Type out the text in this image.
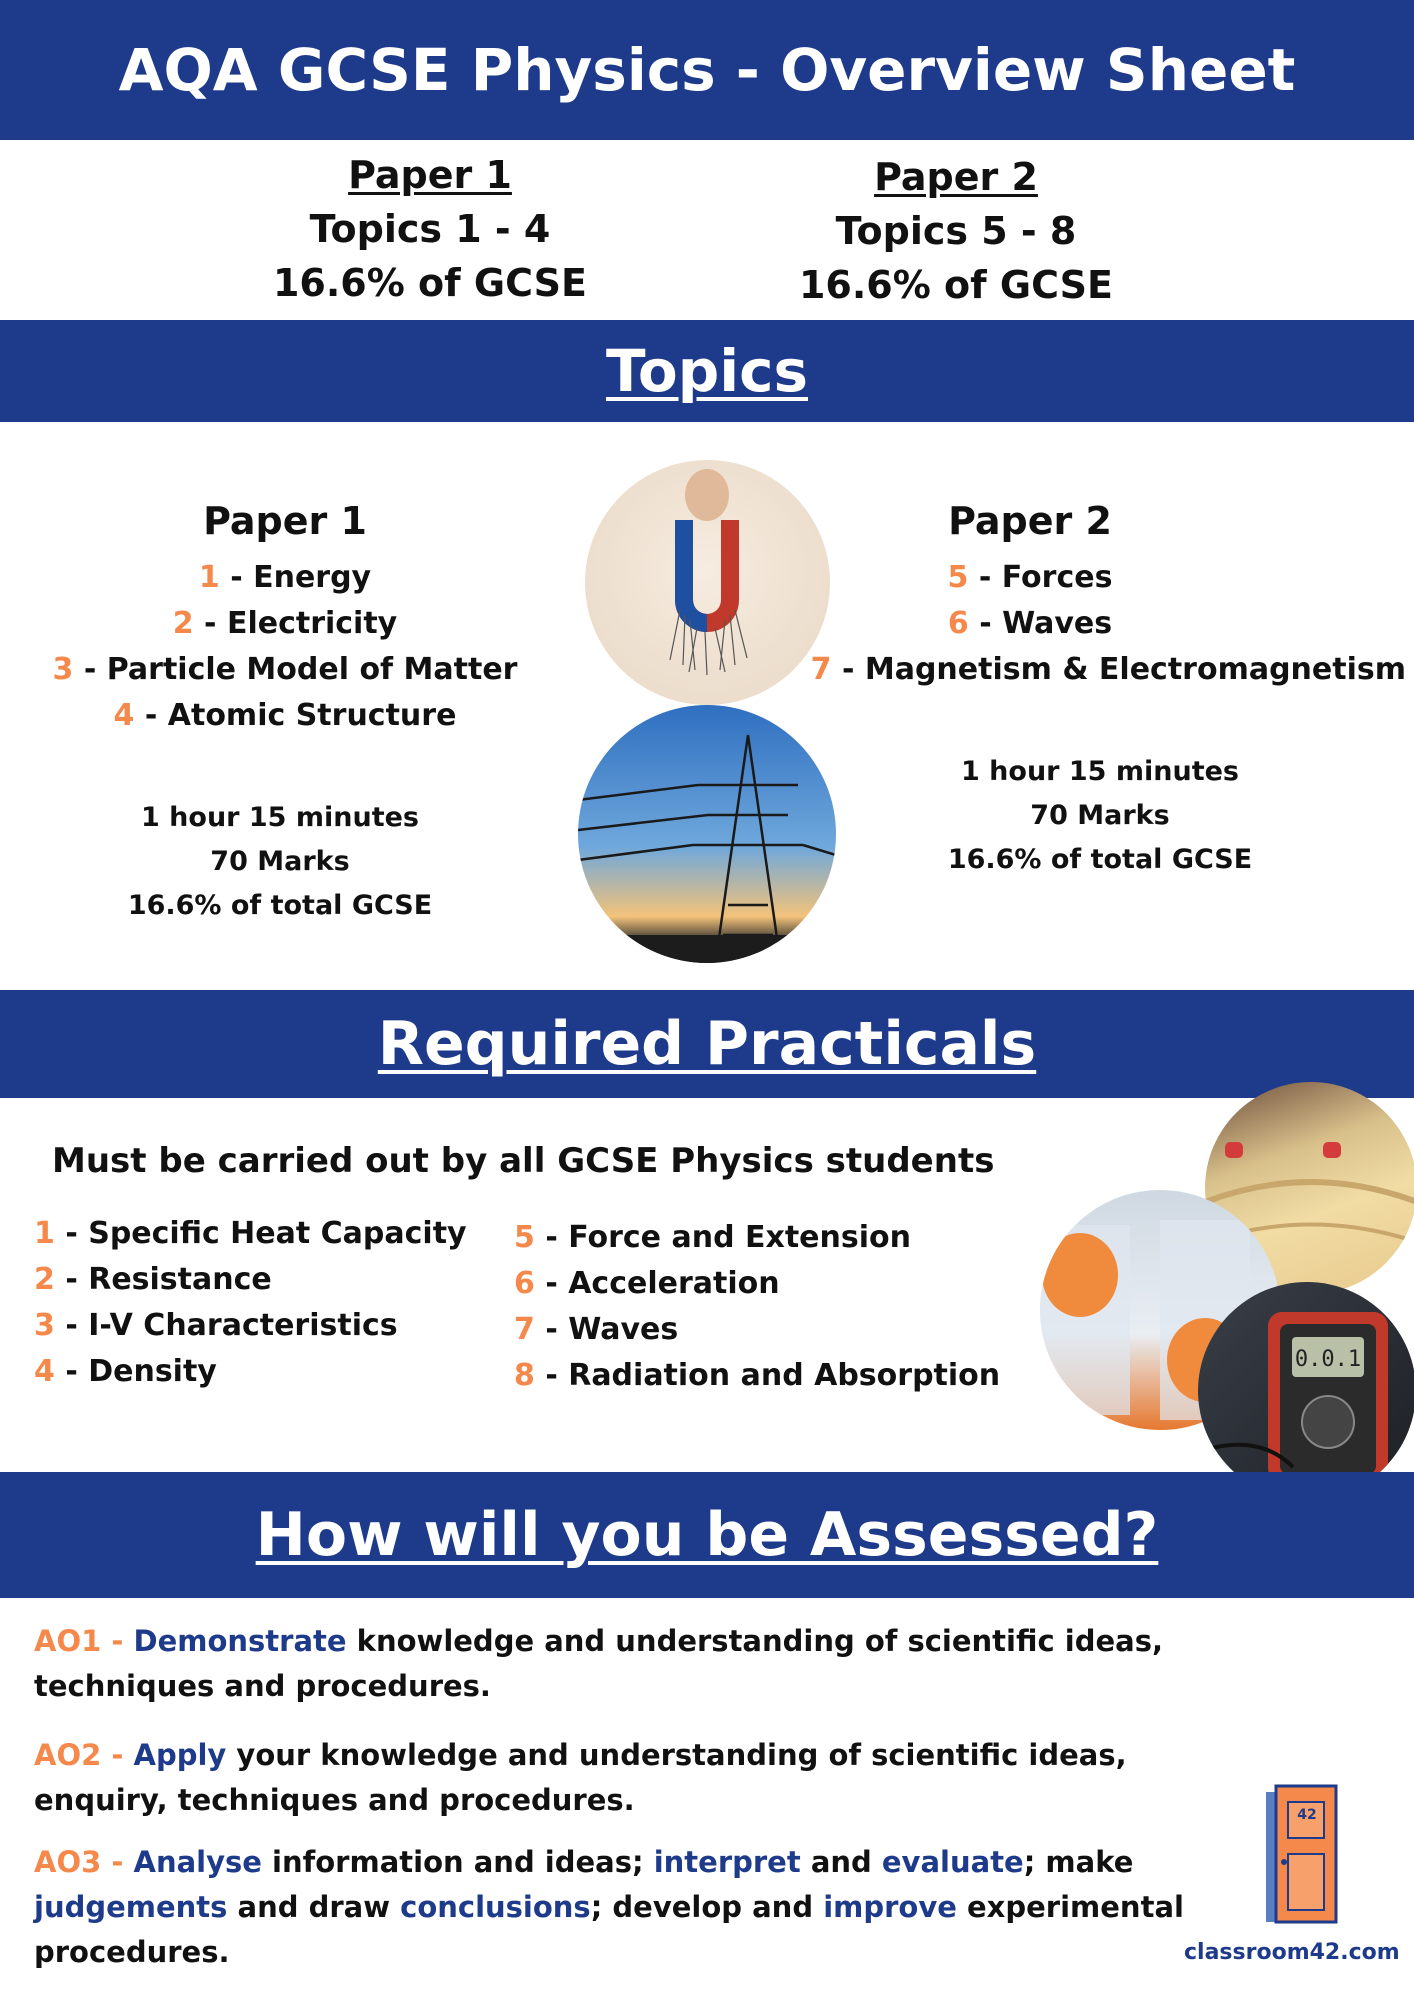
AQA GCSE Physics - Overview Sheet
Paper 1
Topics 1 - 4
16.6% of GCSE
Paper 2
Topics 5 - 8
16.6% of GCSE
Topics
Paper 1
1 - Energy
2 - Electricity
3 - Particle Model of Matter
4 - Atomic Structure
1 hour 15 minutes
70 Marks
16.6% of total GCSE
Paper 2
5 - Forces
6 - Waves
7 - Magnetism & Electromagnetism
1 hour 15 minutes
70 Marks
16.6% of total GCSE
Required Practicals
Must be carried out by all GCSE Physics students
1 - Specific Heat Capacity
2 - Resistance
3 - I-V Characteristics
4 - Density
5 - Force and Extension
6 - Acceleration
7 - Waves
8 - Radiation and Absorption	0.0.1
How will you be Assessed?
AO1 - Demonstrate knowledge and understanding of scientific ideas, techniques and procedures.
AO2 - Apply your knowledge and understanding of scientific ideas, enquiry, techniques and procedures.
AO3 - Analyse information and ideas; interpret and evaluate; make judgements and draw conclusions; develop and improve experimental procedures.
42
classroom42.com
